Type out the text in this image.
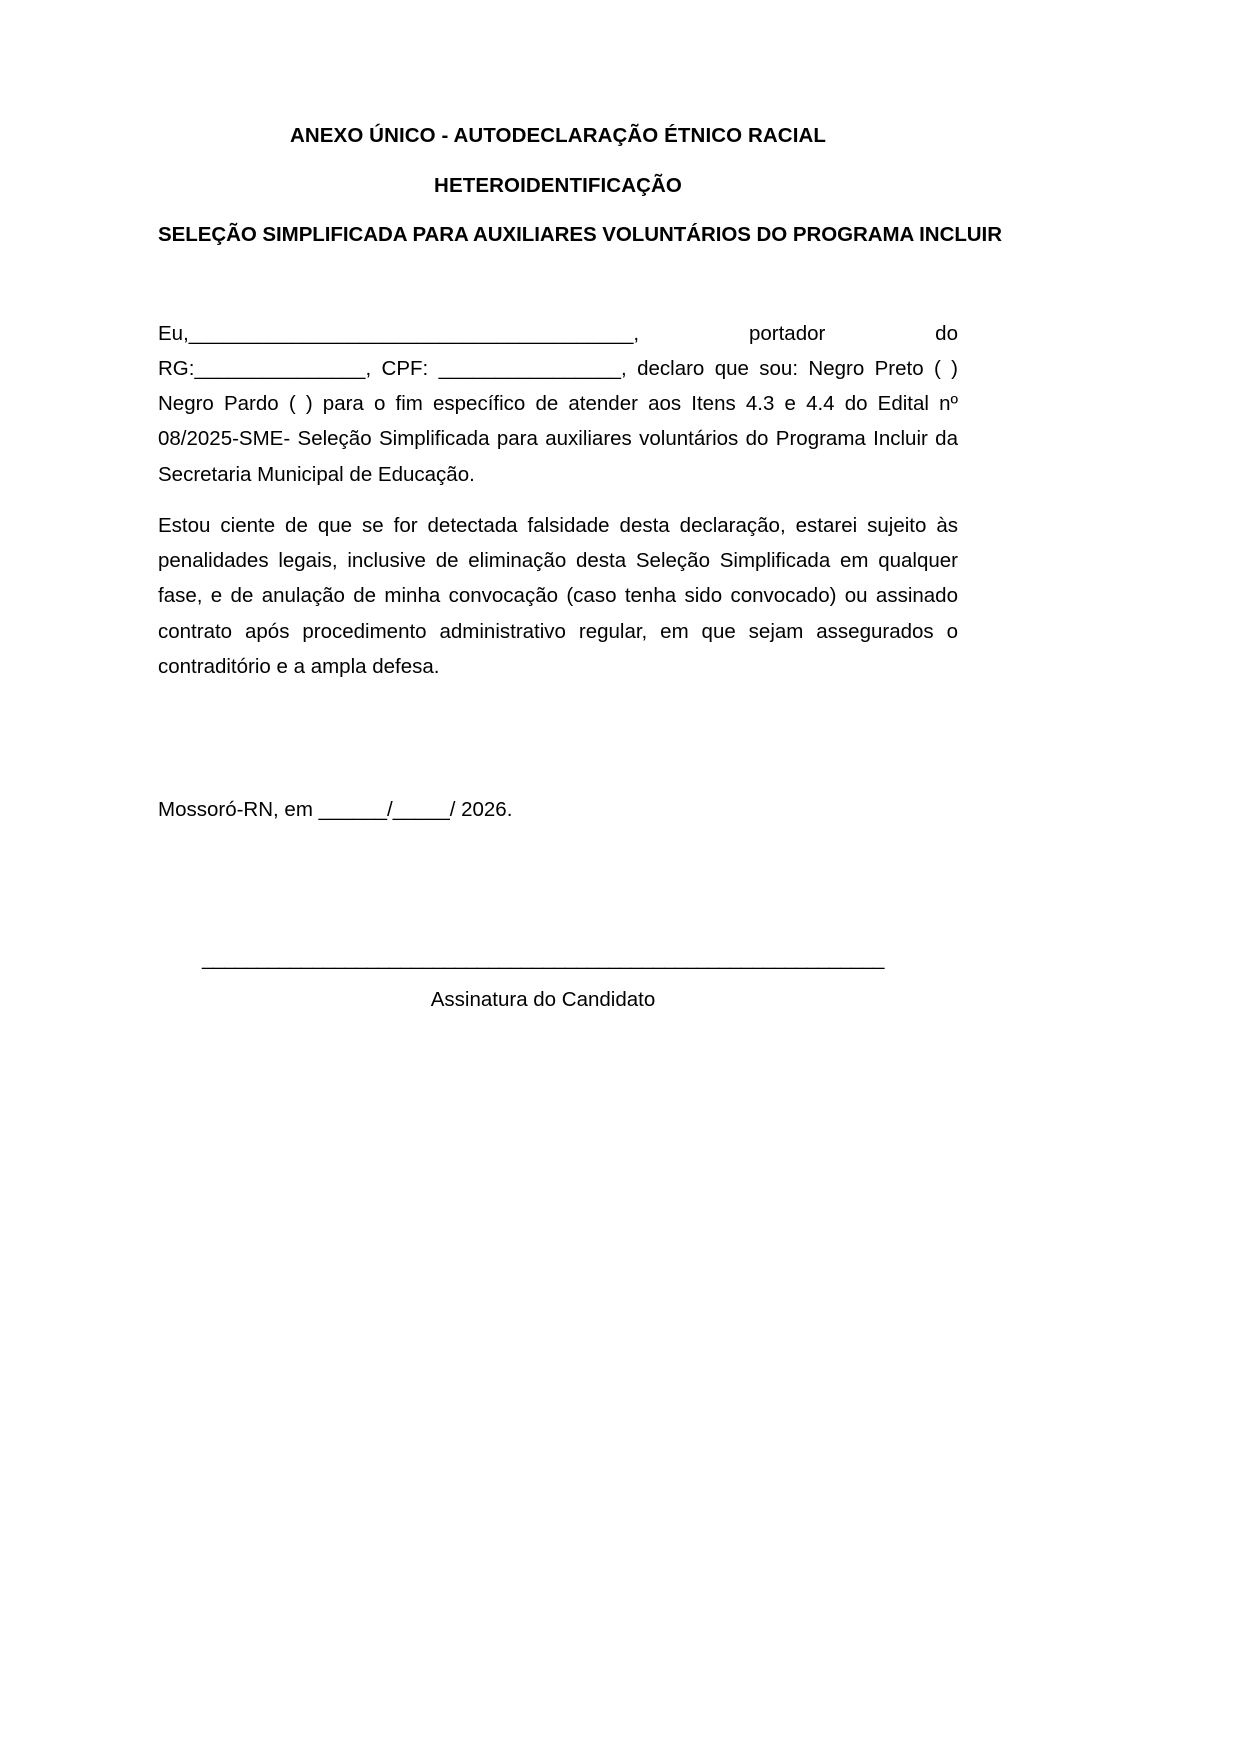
ANEXO ÚNICO - AUTODECLARAÇÃO ÉTNICO RACIAL
HETEROIDENTIFICAÇÃO
SELEÇÃO SIMPLIFICADA PARA AUXILIARES VOLUNTÁRIOS DO PROGRAMA INCLUIR

Eu,_______________________________________, portador do RG:_______________, CPF: ________________, declaro que sou: Negro Preto ( ) Negro Pardo ( ) para o fim específico de atender aos Itens 4.3 e 4.4 do Edital nº 08/2025-SME- Seleção Simplificada para auxiliares voluntários do Programa Incluir da Secretaria Municipal de Educação.

Estou ciente de que se for detectada falsidade desta declaração, estarei sujeito às penalidades legais, inclusive de eliminação desta Seleção Simplificada em qualquer fase, e de anulação de minha convocação (caso tenha sido convocado) ou assinado contrato após procedimento administrativo regular, em que sejam assegurados o contraditório e a ampla defesa.

Mossoró-RN, em ______/_____/ 2026.
______________________________________________________________
Assinatura do Candidato
